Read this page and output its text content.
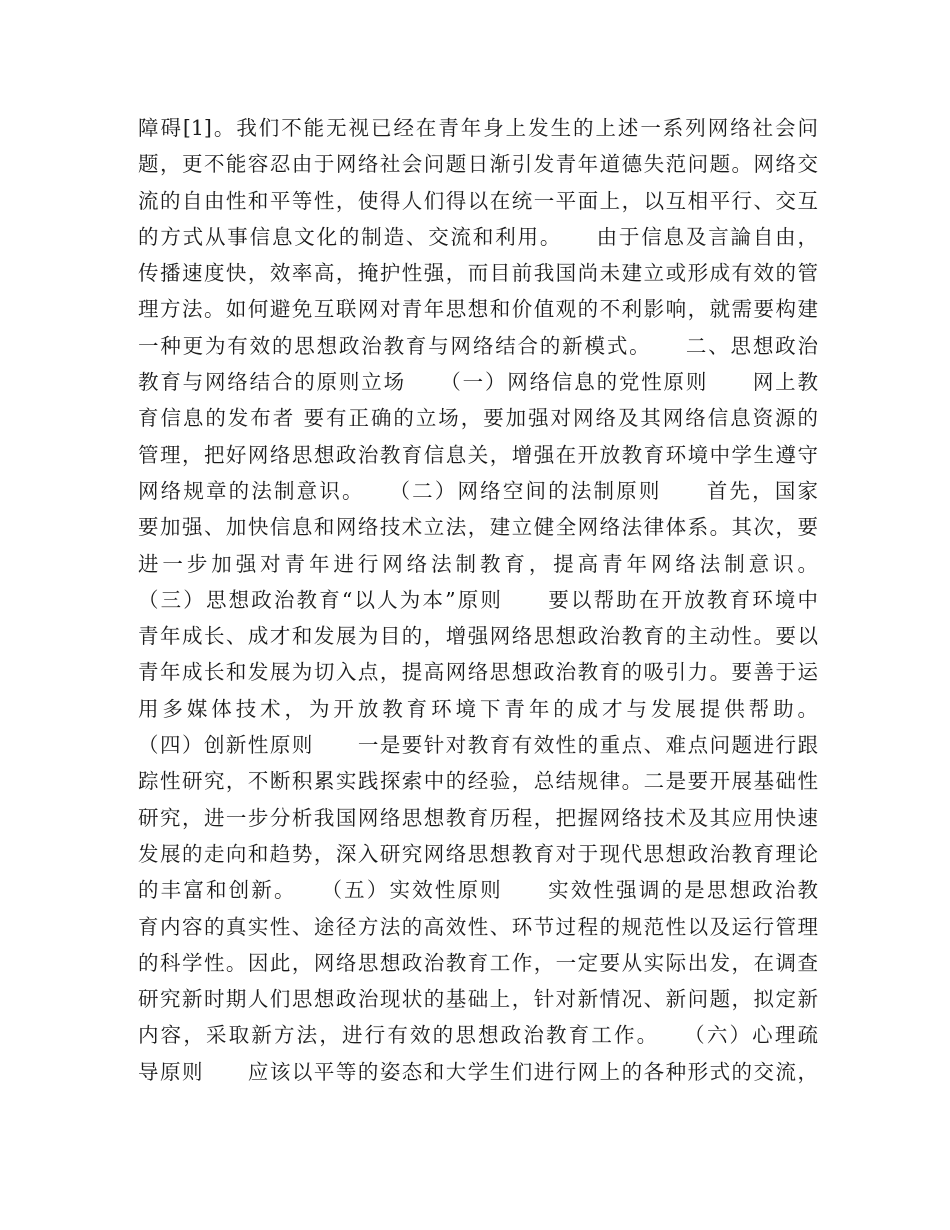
障碍[1]。我们不能无视已经在青年身上发生的上述一系列网络社会问
题，更不能容忍由于网络社会问题日渐引发青年道德失范问题。网络交
流的自由性和平等性，使得人们得以在统一平面上，以互相平行、交互
的方式从事信息文化的制造、交流和利用。　　由于信息及言論自由，
传播速度快，效率高，掩护性强，而目前我国尚未建立或形成有效的管
理方法。如何避免互联网对青年思想和价值观的不利影响，就需要构建
一种更为有效的思想政治教育与网络结合的新模式。　　二、思想政治
教育与网络结合的原则立场　　（一）网络信息的党性原则　　网上教
育信息的发布者 要有正确的立场，要加强对网络及其网络信息资源的
管理，把好网络思想政治教育信息关，增强在开放教育环境中学生遵守
网络规章的法制意识。　　（二）网络空间的法制原则　　首先，国家
要加强、加快信息和网络技术立法，建立健全网络法律体系。其次，要
进一步加强对青年进行网络法制教育，提高青年网络法制意识。
（三）思想政治教育“以人为本”原则　　要以帮助在开放教育环境中
青年成长、成才和发展为目的，增强网络思想政治教育的主动性。要以
青年成长和发展为切入点，提高网络思想政治教育的吸引力。要善于运
用多媒体技术，为开放教育环境下青年的成才与发展提供帮助。
（四）创新性原则　　一是要针对教育有效性的重点、难点问题进行跟
踪性研究，不断积累实践探索中的经验，总结规律。二是要开展基础性
研究，进一步分析我国网络思想教育历程，把握网络技术及其应用快速
发展的走向和趋势，深入研究网络思想教育对于现代思想政治教育理论
的丰富和创新。　　（五）实效性原则　　实效性强调的是思想政治教
育内容的真实性、途径方法的高效性、环节过程的规范性以及运行管理
的科学性。因此，网络思想政治教育工作，一定要从实际出发，在调查
研究新时期人们思想政治现状的基础上，针对新情况、新问题，拟定新
内容，采取新方法，进行有效的思想政治教育工作。　　（六）心理疏
导原则　　应该以平等的姿态和大学生们进行网上的各种形式的交流，
